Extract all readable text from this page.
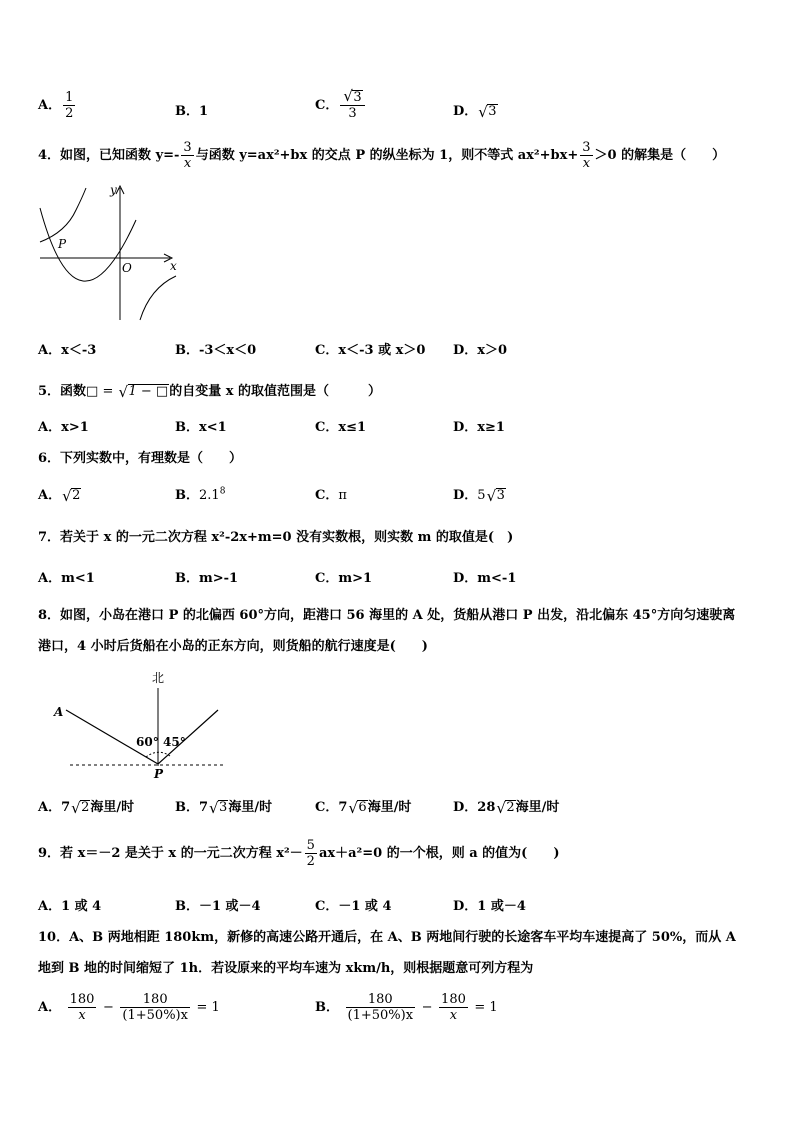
A． $\frac{1}{2}$	B．1	C． √ $\frac{3}{3}$	D． √ 3
4．如图，已知函数 $y=- \frac{3}{x}$ 与函数 y=ax²+bx 的交点 P 的纵坐标为 1，则不等式 $ax^2+bx+ \frac{3}{x} >0$ 的解集是（　　）
y
x
O
P
A．x＜-3	B．-3＜x＜0	C．x＜-3 或 x＞0 D．x＞0
5．函数□ = √ 1 − □的自变量 x 的取值范围是（　　　）
A．x>1	B．x<1	C．x≤1	D．x≥1
6．下列实数中，有理数是（　　）
A． √ 2	B．$2.1^8$	C．π	D．5 √ 3
7．若关于 x 的一元二次方程 x²-2x+m=0 没有实数根，则实数 m 的取值是(　)
A．m<1	B．m>-1	C．m>1	D．m<-1
8．如图，小岛在港口 P 的北偏西 60°方向，距港口 56 海里的 A 处，货船从港口 P 出发，沿北偏东 45°方向匀速驶离
港口，4 小时后货船在小岛的正东方向，则货船的航行速度是(　　)
北
A
P
60° 45°
A．7 √ 2海里/时	B．7 √ 3海里/时	C．7 √ 6海里/时	D．28 √ 2海里/时
9．若 x＝－2 是关于 x 的一元二次方程 $x^2- \frac{5}{2} ax+a^2=0$ 的一个根，则 a 的值为(　　)
A．1 或 4	B．－1 或－4	C．－1 或 4	D．1 或－4
10．A、B 两地相距 180km，新修的高速公路开通后，在 A、B 两地间行驶的长途客车平均车速提高了 50%，而从 A
地到 B 地的时间缩短了 1h．若设原来的平均车速为 xkm/h，则根据题意可列方程为
A． $\frac{180}{x} - \frac{180}{(1+50\%)x} = 1$	B． $\frac{180}{(1+50\%)x} - \frac{180}{x} = 1$
